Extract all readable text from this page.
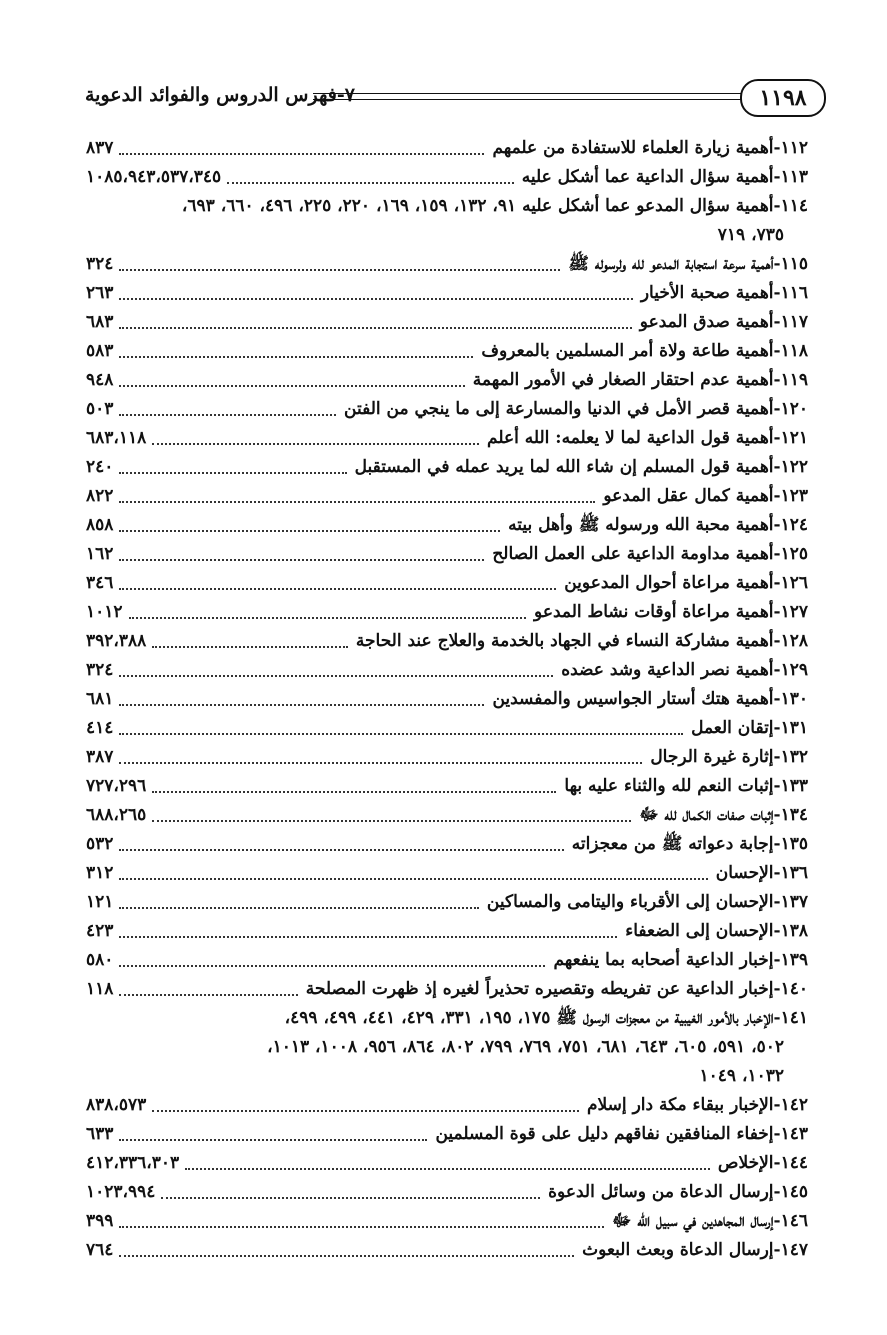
٧-فهرس الدروس والفوائد الدعوية	١١٩٨
١١٢-أهمية زيارة العلماء للاستفادة من علمهم
٨٣٧
١١٣-أهمية سؤال الداعية عما أشكل عليه
١٠٨٥،٩٤٣،٥٣٧،٣٤٥
١١٤-أهمية سؤال المدعو عما أشكل عليه ٩١، ١٣٢، ١٥٩، ١٦٩، ٢٢٠، ٢٢٥، ٤٩٦، ٦٦٠، ٦٩٣،
٧٣٥، ٧١٩
١١٥-أهمية سرعة استجابة المدعو لله ولرسوله ﷺ
٣٢٤
١١٦-أهمية صحبة الأخيار
٢٦٣
١١٧-أهمية صدق المدعو
٦٨٣
١١٨-أهمية طاعة ولاة أمر المسلمين بالمعروف
٥٨٣
١١٩-أهمية عدم احتقار الصغار في الأمور المهمة
٩٤٨
١٢٠-أهمية قصر الأمل في الدنيا والمسارعة إلى ما ينجي من الفتن
٥٠٣
١٢١-أهمية قول الداعية لما لا يعلمه: الله أعلم
٦٨٣،١١٨
١٢٢-أهمية قول المسلم إن شاء الله لما يريد عمله في المستقبل
٢٤٠
١٢٣-أهمية كمال عقل المدعو
٨٢٢
١٢٤-أهمية محبة الله ورسوله ﷺ وأهل بيته
٨٥٨
١٢٥-أهمية مداومة الداعية على العمل الصالح
١٦٢
١٢٦-أهمية مراعاة أحوال المدعوين
٣٤٦
١٢٧-أهمية مراعاة أوقات نشاط المدعو
١٠١٢
١٢٨-أهمية مشاركة النساء في الجهاد بالخدمة والعلاج عند الحاجة
٣٩٢،٣٨٨
١٢٩-أهمية نصر الداعية وشد عضده
٣٢٤
١٣٠-أهمية هتك أستار الجواسيس والمفسدين
٦٨١
١٣١-إتقان العمل
٤١٤
١٣٢-إثارة غيرة الرجال
٣٨٧
١٣٣-إثبات النعم لله والثناء عليه بها
٧٢٧،٢٩٦
١٣٤-إثبات صفات الكمال لله ﷻ
٦٨٨،٢٦٥
١٣٥-إجابة دعواته ﷺ من معجزاته
٥٣٢
١٣٦-الإحسان
٣١٢
١٣٧-الإحسان إلى الأقرباء واليتامى والمساكين
١٢١
١٣٨-الإحسان إلى الضعفاء
٤٢٣
١٣٩-إخبار الداعية أصحابه بما ينفعهم
٥٨٠
١٤٠-إخبار الداعية عن تفريطه وتقصيره تحذيراً لغيره إذ ظهرت المصلحة
١١٨
١٤١-الإخبار بالأمور الغيبية من معجزات الرسول ﷺ ١٧٥، ١٩٥، ٣٣١، ٤٢٩، ٤٤١، ٤٩٩، ٤٩٩،
٥٠٢، ٥٩١، ٦٠٥، ٦٤٣، ٦٨١، ٧٥١، ٧٦٩، ٧٩٩، ٨٠٢، ٨٦٤، ٩٥٦، ١٠٠٨، ١٠١٣،
١٠٣٢، ١٠٤٩
١٤٢-الإخبار ببقاء مكة دار إسلام
٨٣٨،٥٧٣
١٤٣-إخفاء المنافقين نفاقهم دليل على قوة المسلمين
٦٣٣
١٤٤-الإخلاص
٤١٢،٣٣٦،٣٠٣
١٤٥-إرسال الدعاة من وسائل الدعوة
١٠٢٣،٩٩٤
١٤٦-إرسال المجاهدين في سبيل الله ﷻ
٣٩٩
١٤٧-إرسال الدعاة وبعث البعوث
٧٦٤
